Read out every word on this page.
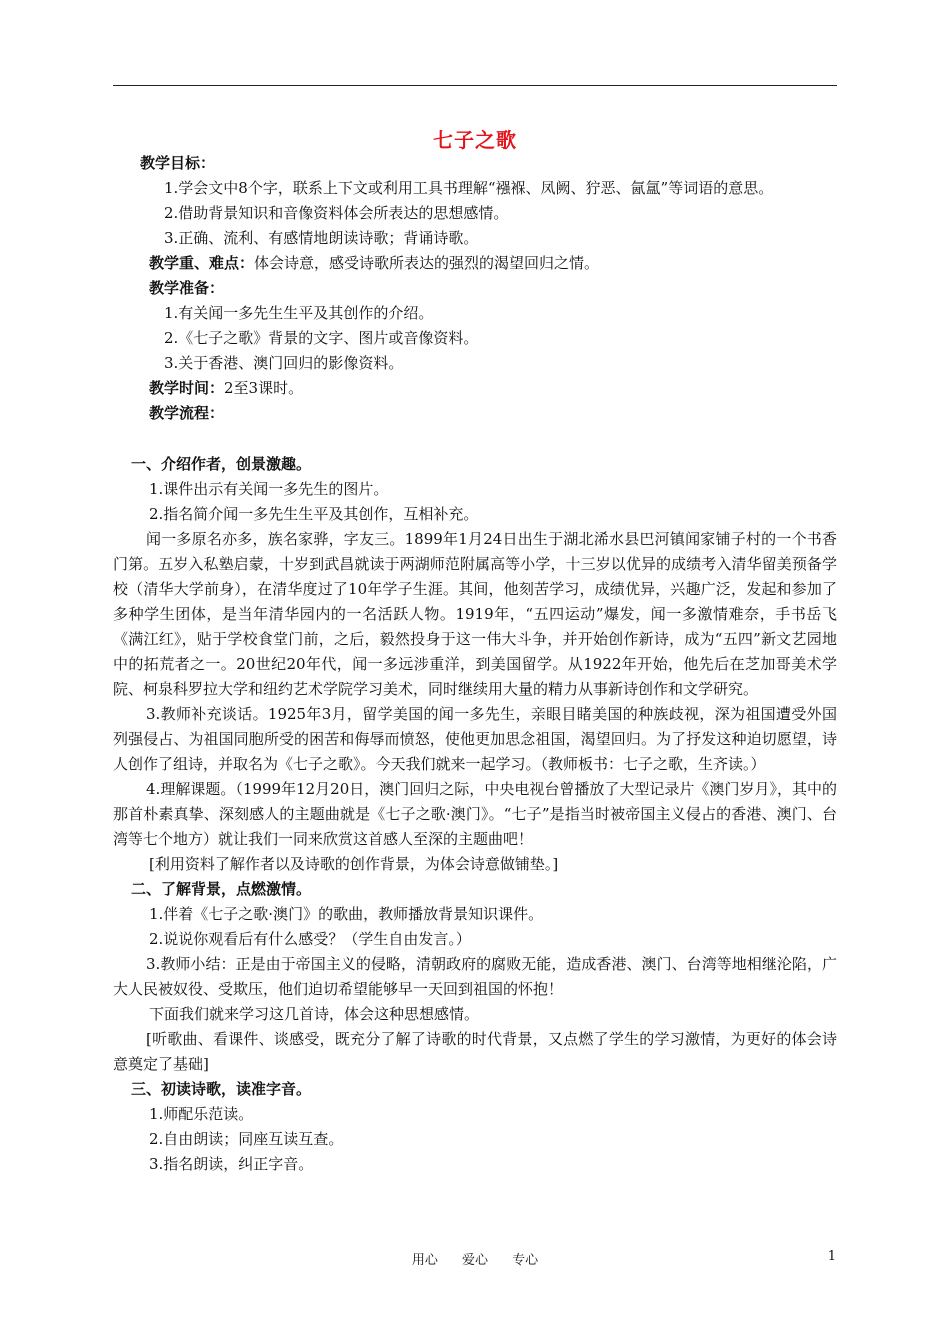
七子之歌
教学目标：
1.学会文中8个字，联系上下文或利用工具书理解“襁褓、凤阙、狞恶、氤氲”等词语的意思。
2.借助背景知识和音像资料体会所表达的思想感情。
3.正确、流利、有感情地朗读诗歌；背诵诗歌。
教学重、难点：体会诗意，感受诗歌所表达的强烈的渴望回归之情。
教学准备：
1.有关闻一多先生生平及其创作的介绍。
2.《七子之歌》背景的文字、图片或音像资料。
3.关于香港、澳门回归的影像资料。
教学时间：2至3课时。
教学流程：
一、介绍作者，创景激趣。
1.课件出示有关闻一多先生的图片。
2.指名简介闻一多先生生平及其创作，互相补充。
闻一多原名亦多，族名家骅，字友三。1899年1月24日出生于湖北浠水县巴河镇闻家铺子村的一个书香门第。五岁入私塾启蒙，十岁到武昌就读于两湖师范附属高等小学，十三岁以优异的成绩考入清华留美预备学校（清华大学前身），在清华度过了10年学子生涯。其间，他刻苦学习，成绩优异，兴趣广泛，发起和参加了多种学生团体，是当年清华园内的一名活跃人物。1919年，“五四运动”爆发，闻一多激情难奈，手书岳飞《满江红》，贴于学校食堂门前，之后，毅然投身于这一伟大斗争，并开始创作新诗，成为“五四”新文艺园地中的拓荒者之一。20世纪20年代，闻一多远涉重洋，到美国留学。从1922年开始，他先后在芝加哥美术学院、柯泉科罗拉大学和纽约艺术学院学习美术，同时继续用大量的精力从事新诗创作和文学研究。
3.教师补充谈话。1925年3月，留学美国的闻一多先生，亲眼目睹美国的种族歧视，深为祖国遭受外国列强侵占、为祖国同胞所受的困苦和侮辱而愤怒，使他更加思念祖国，渴望回归。为了抒发这种迫切愿望，诗人创作了组诗，并取名为《七子之歌》。今天我们就来一起学习。（教师板书：七子之歌，生齐读。）
4.理解课题。（1999年12月20日，澳门回归之际，中央电视台曾播放了大型记录片《澳门岁月》，其中的那首朴素真挚、深刻感人的主题曲就是《七子之歌·澳门》。“七子”是指当时被帝国主义侵占的香港、澳门、台湾等七个地方）就让我们一同来欣赏这首感人至深的主题曲吧！
[利用资料了解作者以及诗歌的创作背景，为体会诗意做铺垫。]
二、了解背景，点燃激情。
1.伴着《七子之歌·澳门》的歌曲，教师播放背景知识课件。
2.说说你观看后有什么感受？（学生自由发言。）
3.教师小结：正是由于帝国主义的侵略，清朝政府的腐败无能，造成香港、澳门、台湾等地相继沦陷，广大人民被奴役、受欺压，他们迫切希望能够早一天回到祖国的怀抱！
下面我们就来学习这几首诗，体会这种思想感情。
[听歌曲、看课件、谈感受，既充分了解了诗歌的时代背景，又点燃了学生的学习激情，为更好的体会诗意奠定了基础]
三、初读诗歌，读准字音。
1.师配乐范读。
2.自由朗读；同座互读互查。
3.指名朗读，纠正字音。
用心 爱心 专心	1
